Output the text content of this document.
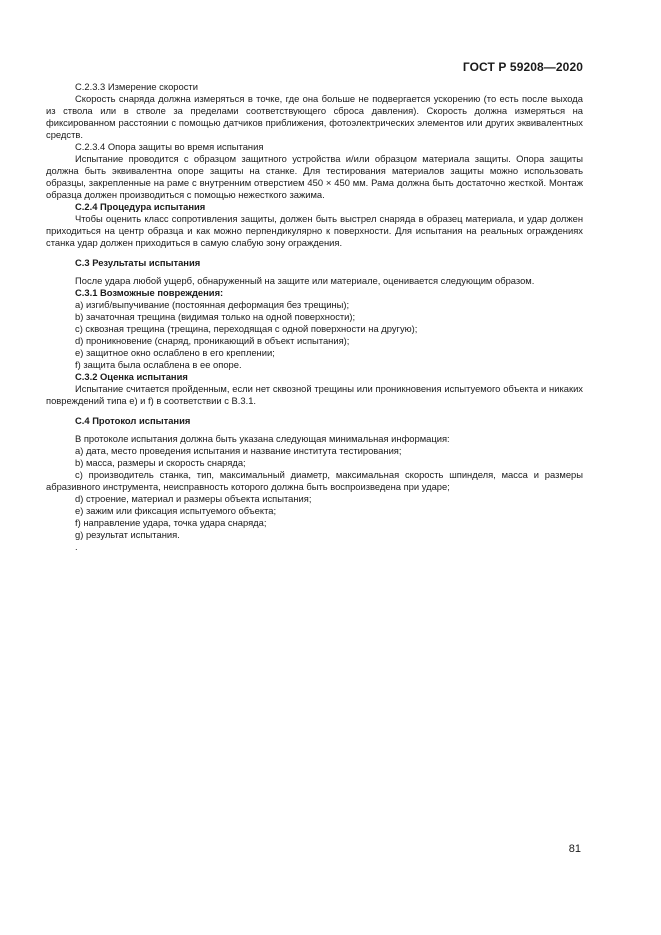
ГОСТ Р 59208—2020

С.2.3.3 Измерение скорости

Скорость снаряда должна измеряться в точке, где она больше не подвергается ускорению (то есть после выхода из ствола или в стволе за пределами соответствующего сброса давления). Скорость должна измеряться на фиксированном расстоянии с помощью датчиков приближения, фотоэлектрических элементов или других эквивалентных средств.

С.2.3.4 Опора защиты во время испытания

Испытание проводится с образцом защитного устройства и/или образцом материала защиты. Опора защиты должна быть эквивалентна опоре защиты на станке. Для тестирования материалов защиты можно использовать образцы, закрепленные на раме с внутренним отверстием 450 × 450 мм. Рама должна быть достаточно жесткой. Монтаж образца должен производиться с помощью нежесткого зажима.

С.2.4 Процедура испытания

Чтобы оценить класс сопротивления защиты, должен быть выстрел снаряда в образец материала, и удар должен приходиться на центр образца и как можно перпендикулярно к поверхности. Для испытания на реальных ограждениях станка удар должен приходиться в самую слабую зону ограждения.

С.3 Результаты испытания

После удара любой ущерб, обнаруженный на защите или материале, оценивается следующим образом.

С.3.1 Возможные повреждения:

а) изгиб/выпучивание (постоянная деформация без трещины);

b) зачаточная трещина (видимая только на одной поверхности);

с) сквозная трещина (трещина, переходящая с одной поверхности на другую);

d) проникновение (снаряд, проникающий в объект испытания);

е) защитное окно ослаблено в его креплении;

f) защита была ослаблена в ее опоре.

С.3.2 Оценка испытания

Испытание считается пройденным, если нет сквозной трещины или проникновения испытуемого объекта и никаких повреждений типа е) и f) в соответствии с В.3.1.

С.4 Протокол испытания

В протоколе испытания должна быть указана следующая минимальная информация:

а) дата, место проведения испытания и название института тестирования;

b) масса, размеры и скорость снаряда;

с) производитель станка, тип, максимальный диаметр, максимальная скорость шпинделя, масса и размеры абразивного инструмента, неисправность которого должна быть воспроизведена при ударе;

d) строение, материал и размеры объекта испытания;

е) зажим или фиксация испытуемого объекта;

f) направление удара, точка удара снаряда;

g) результат испытания.

.

81
